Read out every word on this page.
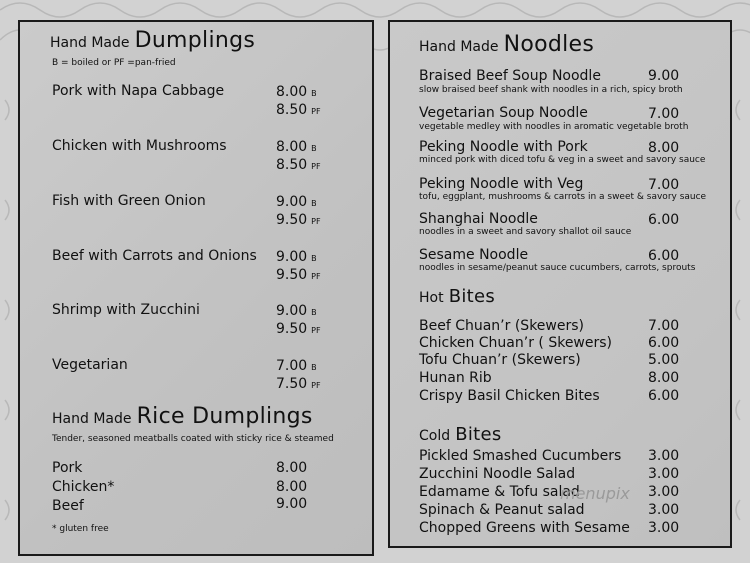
Hand Made Dumplings
B = boiled or PF =pan-fried
Pork with Napa Cabbage	8.00 B
8.50 PF
Chicken with Mushrooms	8.00 B
8.50 PF
Fish with Green Onion	9.00 B
9.50 PF
Beef with Carrots and Onions 9.00 B
9.50 PF
Shrimp with Zucchini	9.00 B
9.50 PF
Vegetarian	7.00 B
7.50 PF
Hand Made Rice Dumplings
Tender, seasoned meatballs coated with sticky rice & steamed
Pork	8.00
Chicken*	8.00
Beef	9.00
* gluten free
Hand Made Noodles
Braised Beef Soup Noodle	9.00
slow braised beef shank with noodles in a rich, spicy broth
Vegetarian Soup Noodle	7.00
vegetable medley with noodles in aromatic vegetable broth
Peking Noodle with Pork	8.00
minced pork with diced tofu & veg in a sweet and savory sauce
Peking Noodle with Veg	7.00
tofu, eggplant, mushrooms & carrots in a sweet & savory sauce
Shanghai Noodle	6.00
noodles in a sweet and savory shallot oil sauce
Sesame Noodle	6.00
noodles in sesame/peanut sauce cucumbers, carrots, sprouts
Hot Bites
Beef Chuan’r (Skewers)	7.00
Chicken Chuan’r ( Skewers)	6.00
Tofu Chuan’r (Skewers)	5.00
Hunan Rib	8.00
Crispy Basil Chicken Bites	6.00
Cold Bites
Pickled Smashed Cucumbers 3.00
Zucchini Noodle Salad	3.00
Edamame & Tofu salad	3.00
Spinach & Peanut salad	3.00
Chopped Greens with Sesame 3.00
menupix
